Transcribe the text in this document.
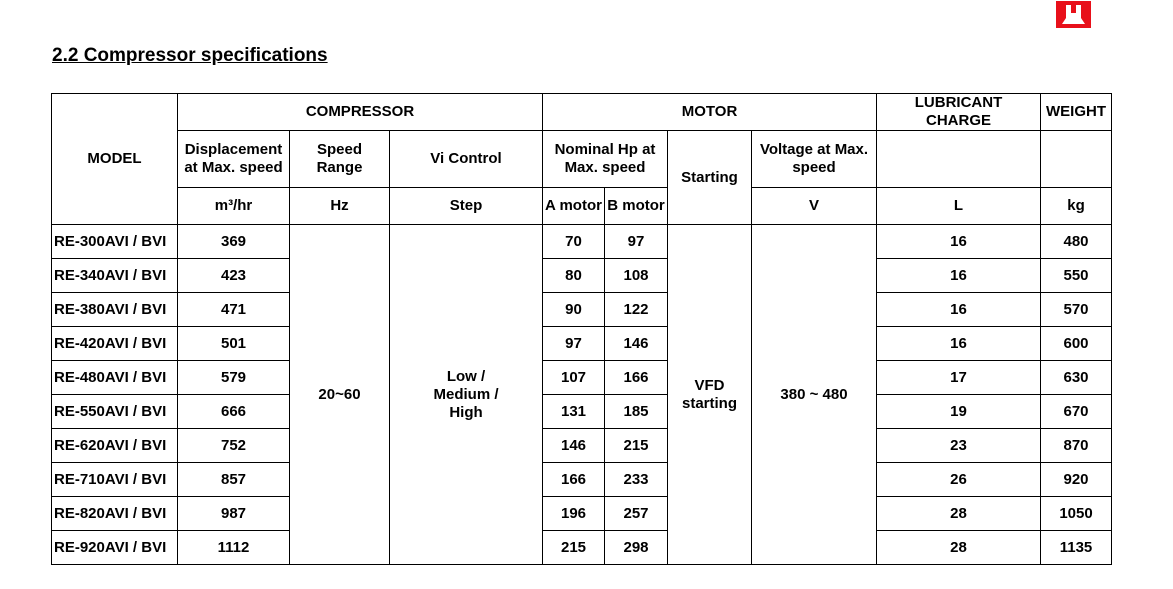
2.2 Compressor specifications
MODEL	COMPRESSOR			MOTOR				LUBRICANT CHARGE	WEIGHT
	Displacement at Max. speed	Speed Range	Vi Control	Nominal Hp at Max. speed		Starting	Voltage at Max. speed		
	m³/hr	Hz	Step	A motor	B motor		V	L	kg
RE-300AVI / BVI	369	20~60	Low / Medium / High	70	97	VFD starting	380 ~ 480	16	480
RE-340AVI / BVI	423			80	108			16	550
RE-380AVI / BVI	471			90	122			16	570
RE-420AVI / BVI	501			97	146			16	600
RE-480AVI / BVI	579			107	166			17	630
RE-550AVI / BVI	666			131	185			19	670
RE-620AVI / BVI	752			146	215			23	870
RE-710AVI / BVI	857			166	233			26	920
RE-820AVI / BVI	987			196	257			28	1050
RE-920AVI / BVI	1112			215	298			28	1135
